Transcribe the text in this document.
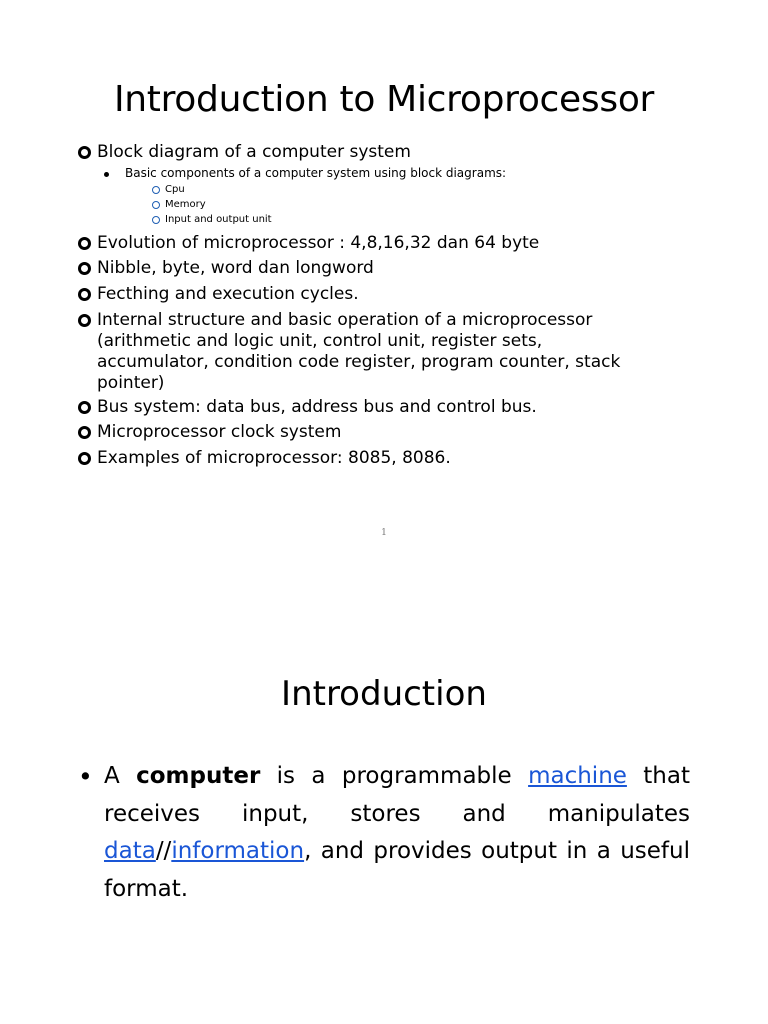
Introduction to Microprocessor
Block diagram of a computer system
Basic components of a computer system using block diagrams:
Cpu
Memory
Input and output unit
Evolution of microprocessor : 4,8,16,32 dan 64 byte
Nibble, byte, word dan longword
Fecthing and execution cycles.
Internal structure and basic operation of a microprocessor (arithmetic and logic unit, control unit, register sets, accumulator, condition code register, program counter, stack pointer)
Bus system: data bus, address bus and control bus.
Microprocessor clock system
Examples of microprocessor: 8085, 8086.
1
Introduction
• A computer is a programmable machine that receives input, stores and manipulates data//information, and provides output in a useful format.
